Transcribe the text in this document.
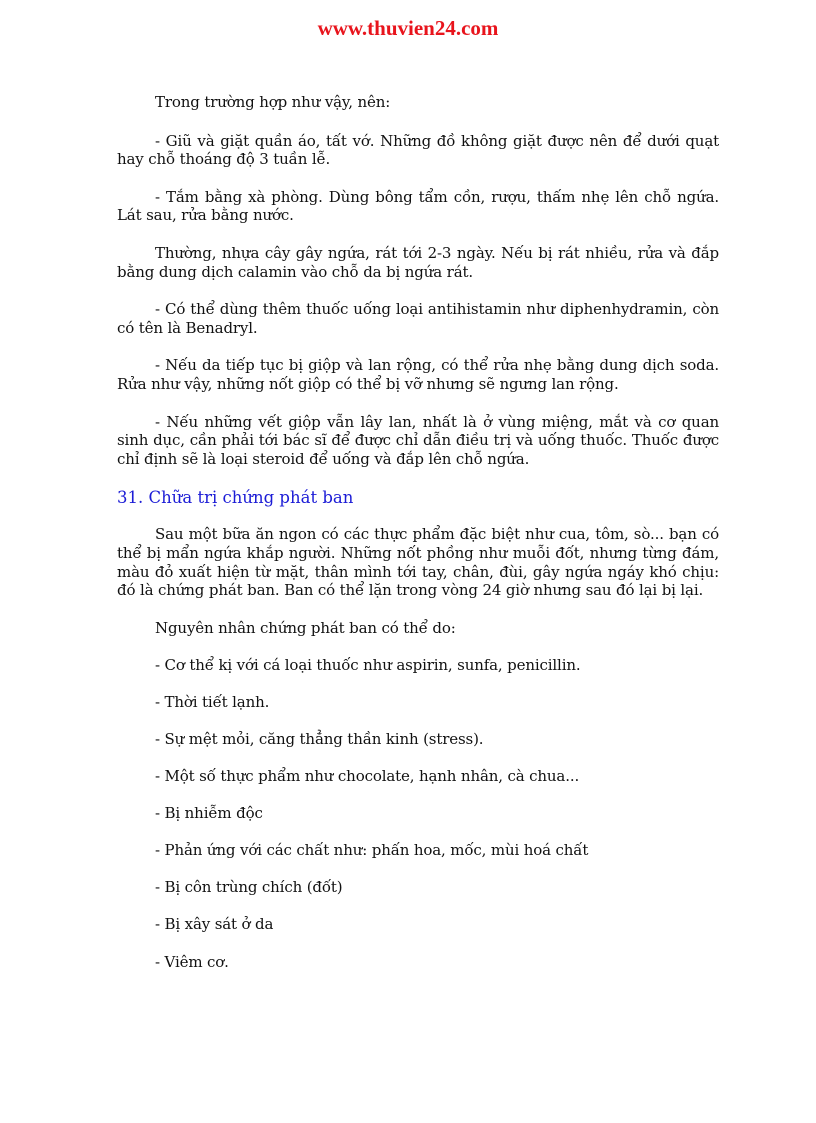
www.thuvien24.com

Trong trường hợp như vậy, nên:

- Giũ và giặt quần áo, tất vớ. Những đồ không giặt được nên để dưới quạt hay chỗ thoáng độ 3 tuần lễ.

- Tắm bằng xà phòng. Dùng bông tẩm cồn, rượu, thấm nhẹ lên chỗ ngứa. Lát sau, rửa bằng nước.

Thường, nhựa cây gây ngứa, rát tới 2-3 ngày. Nếu bị rát nhiều, rửa và đắp bằng dung dịch calamin vào chỗ da bị ngứa rát.

- Có thể dùng thêm thuốc uống loại antihistamin như diphenhydramin, còn có tên là Benadryl.

- Nếu da tiếp tục bị giộp và lan rộng, có thể rửa nhẹ bằng dung dịch soda. Rửa như vậy, những nốt giộp có thể bị vỡ nhưng sẽ ngưng lan rộng.

- Nếu những vết giộp vẫn lây lan, nhất là ở vùng miệng, mắt và cơ quan sinh dục, cần phải tới bác sĩ để được chỉ dẫn điều trị và uống thuốc. Thuốc được chỉ định sẽ là loại steroid để uống và đắp lên chỗ ngứa.

31. Chữa trị chứng phát ban

Sau một bữa ăn ngon có các thực phẩm đặc biệt như cua, tôm, sò... bạn có thể bị mẩn ngứa khắp người. Những nốt phồng như muỗi đốt, nhưng từng đám, màu đỏ xuất hiện từ mặt, thân mình tới tay, chân, đùi, gây ngứa ngáy khó chịu: đó là chứng phát ban. Ban có thể lặn trong vòng 24 giờ nhưng sau đó lại bị lại.

Nguyên nhân chứng phát ban có thể do:

- Cơ thể kị với cá loại thuốc như aspirin, sunfa, penicillin.

- Thời tiết lạnh.

- Sự mệt mỏi, căng thẳng thần kinh (stress).

- Một số thực phẩm như chocolate, hạnh nhân, cà chua...

- Bị nhiễm độc

- Phản ứng với các chất như: phấn hoa, mốc, mùi hoá chất

- Bị côn trùng chích (đốt)

- Bị xây sát ở da

- Viêm cơ.
